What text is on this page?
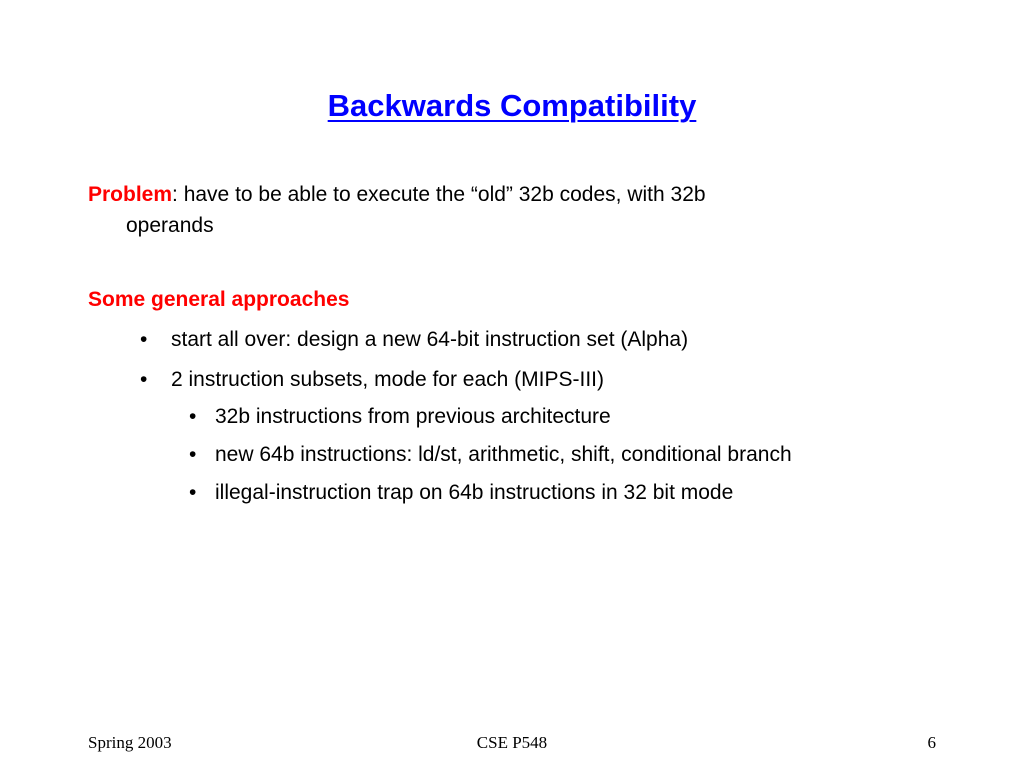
Backwards Compatibility
Problem: have to be able to execute the “old” 32b codes, with 32b
operands
Some general approaches
• start all over: design a new 64-bit instruction set (Alpha)
• 2 instruction subsets, mode for each (MIPS-III)
• 32b instructions from previous architecture
• new 64b instructions: ld/st, arithmetic, shift, conditional branch
• illegal-instruction trap on 64b instructions in 32 bit mode
Spring 2003	CSE P548	6
